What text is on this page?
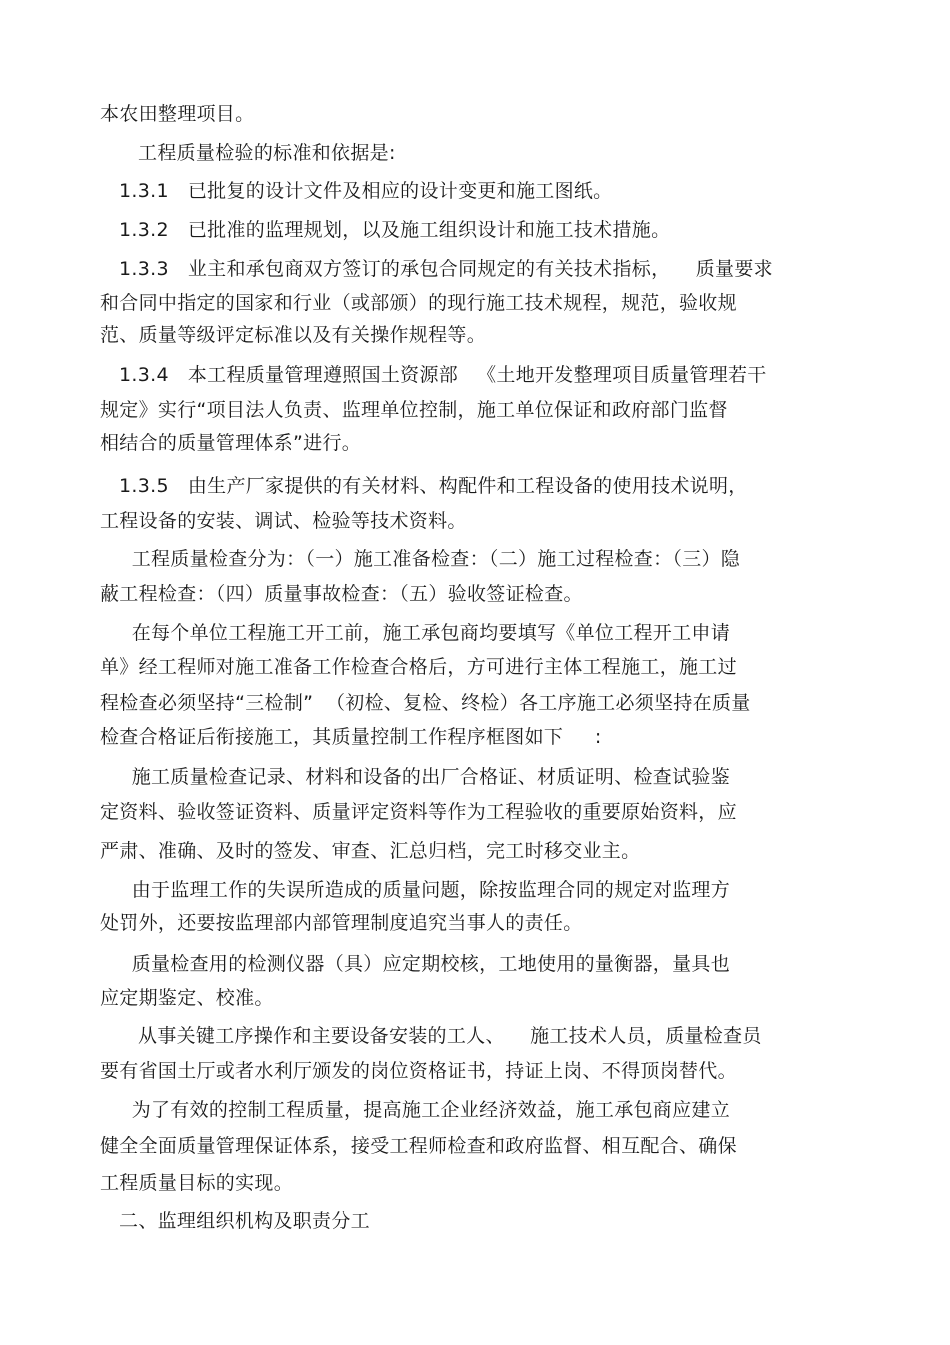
本农田整理项目。
工程质量检验的标准和依据是:
1.3.1   已批复的设计文件及相应的设计变更和施工图纸。
1.3.2   已批准的监理规划，以及施工组织设计和施工技术措施。
1.3.3   业主和承包商双方签订的承包合同规定的有关技术指标，    质量要求
和合同中指定的国家和行业（或部颁）的现行施工技术规程，规范，验收规
范、质量等级评定标准以及有关操作规程等。
1.3.4   本工程质量管理遵照国土资源部   《土地开发整理项目质量管理若干
规定》实行“项目法人负责、监理单位控制，施工单位保证和政府部门监督
相结合的质量管理体系”进行。
1.3.5   由生产厂家提供的有关材料、构配件和工程设备的使用技术说明，
工程设备的安装、调试、检验等技术资料。
工程质量检查分为：（一）施工准备检查：（二）施工过程检查：（三）隐
蔽工程检查：（四）质量事故检查：（五）验收签证检查。
在每个单位工程施工开工前，施工承包商均要填写《单位工程开工申请
单》经工程师对施工准备工作检查合格后，方可进行主体工程施工，施工过
程检查必须坚持“三检制”  （初检、复检、终检）各工序施工必须坚持在质量
检查合格证后衔接施工，其质量控制工作程序框图如下     :
施工质量检查记录、材料和设备的出厂合格证、材质证明、检查试验鉴
定资料、验收签证资料、质量评定资料等作为工程验收的重要原始资料，应
严肃、准确、及时的签发、审查、汇总归档，完工时移交业主。
由于监理工作的失误所造成的质量问题，除按监理合同的规定对监理方
处罚外，还要按监理部内部管理制度追究当事人的责任。
质量检查用的检测仪器（具）应定期校核，工地使用的量衡器，量具也
应定期鉴定、校准。
从事关键工序操作和主要设备安装的工人、    施工技术人员，质量检查员
要有省国土厅或者水利厅颁发的岗位资格证书，持证上岗、不得顶岗替代。
为了有效的控制工程质量，提高施工企业经济效益，施工承包商应建立
健全全面质量管理保证体系，接受工程师检查和政府监督、相互配合、确保
工程质量目标的实现。
二、监理组织机构及职责分工
